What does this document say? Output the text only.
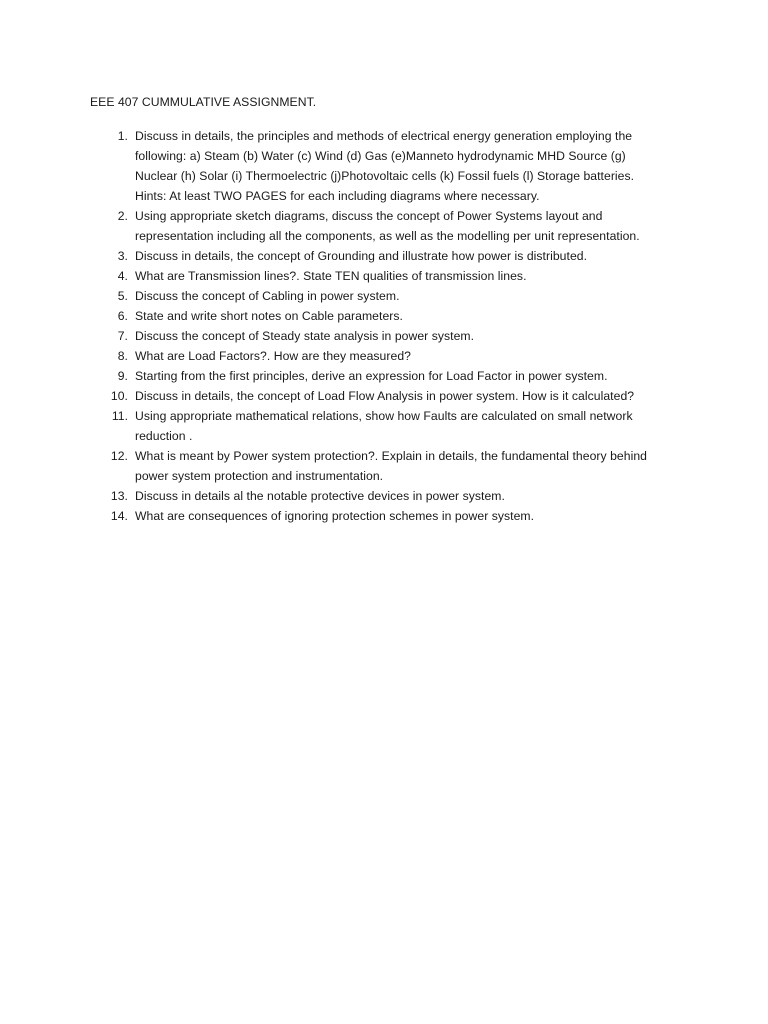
EEE 407 CUMMULATIVE ASSIGNMENT.
1. Discuss in details, the principles and methods of electrical energy generation employing the
following: a) Steam (b) Water (c) Wind (d) Gas (e)Manneto hydrodynamic MHD Source (g)
Nuclear (h) Solar (i) Thermoelectric (j)Photovoltaic cells (k) Fossil fuels (l) Storage batteries.
Hints: At least TWO PAGES for each including diagrams where necessary.
2. Using appropriate sketch diagrams, discuss the concept of Power Systems layout and
representation including all the components, as well as the modelling per unit representation.
3. Discuss in details, the concept of Grounding and illustrate how power is distributed.
4. What are Transmission lines?. State TEN qualities of transmission lines.
5. Discuss the concept of Cabling in power system.
6. State and write short notes on Cable parameters.
7. Discuss the concept of Steady state analysis in power system.
8. What are Load Factors?. How are they measured?
9. Starting from the first principles, derive an expression for Load Factor in power system.
10. Discuss in details, the concept of Load Flow Analysis in power system. How is it calculated?
11. Using appropriate mathematical relations, show how Faults are calculated on small network
reduction .
12. What is meant by Power system protection?. Explain in details, the fundamental theory behind
power system protection and instrumentation.
13. Discuss in details al the notable protective devices in power system.
14. What are consequences of ignoring protection schemes in power system.
